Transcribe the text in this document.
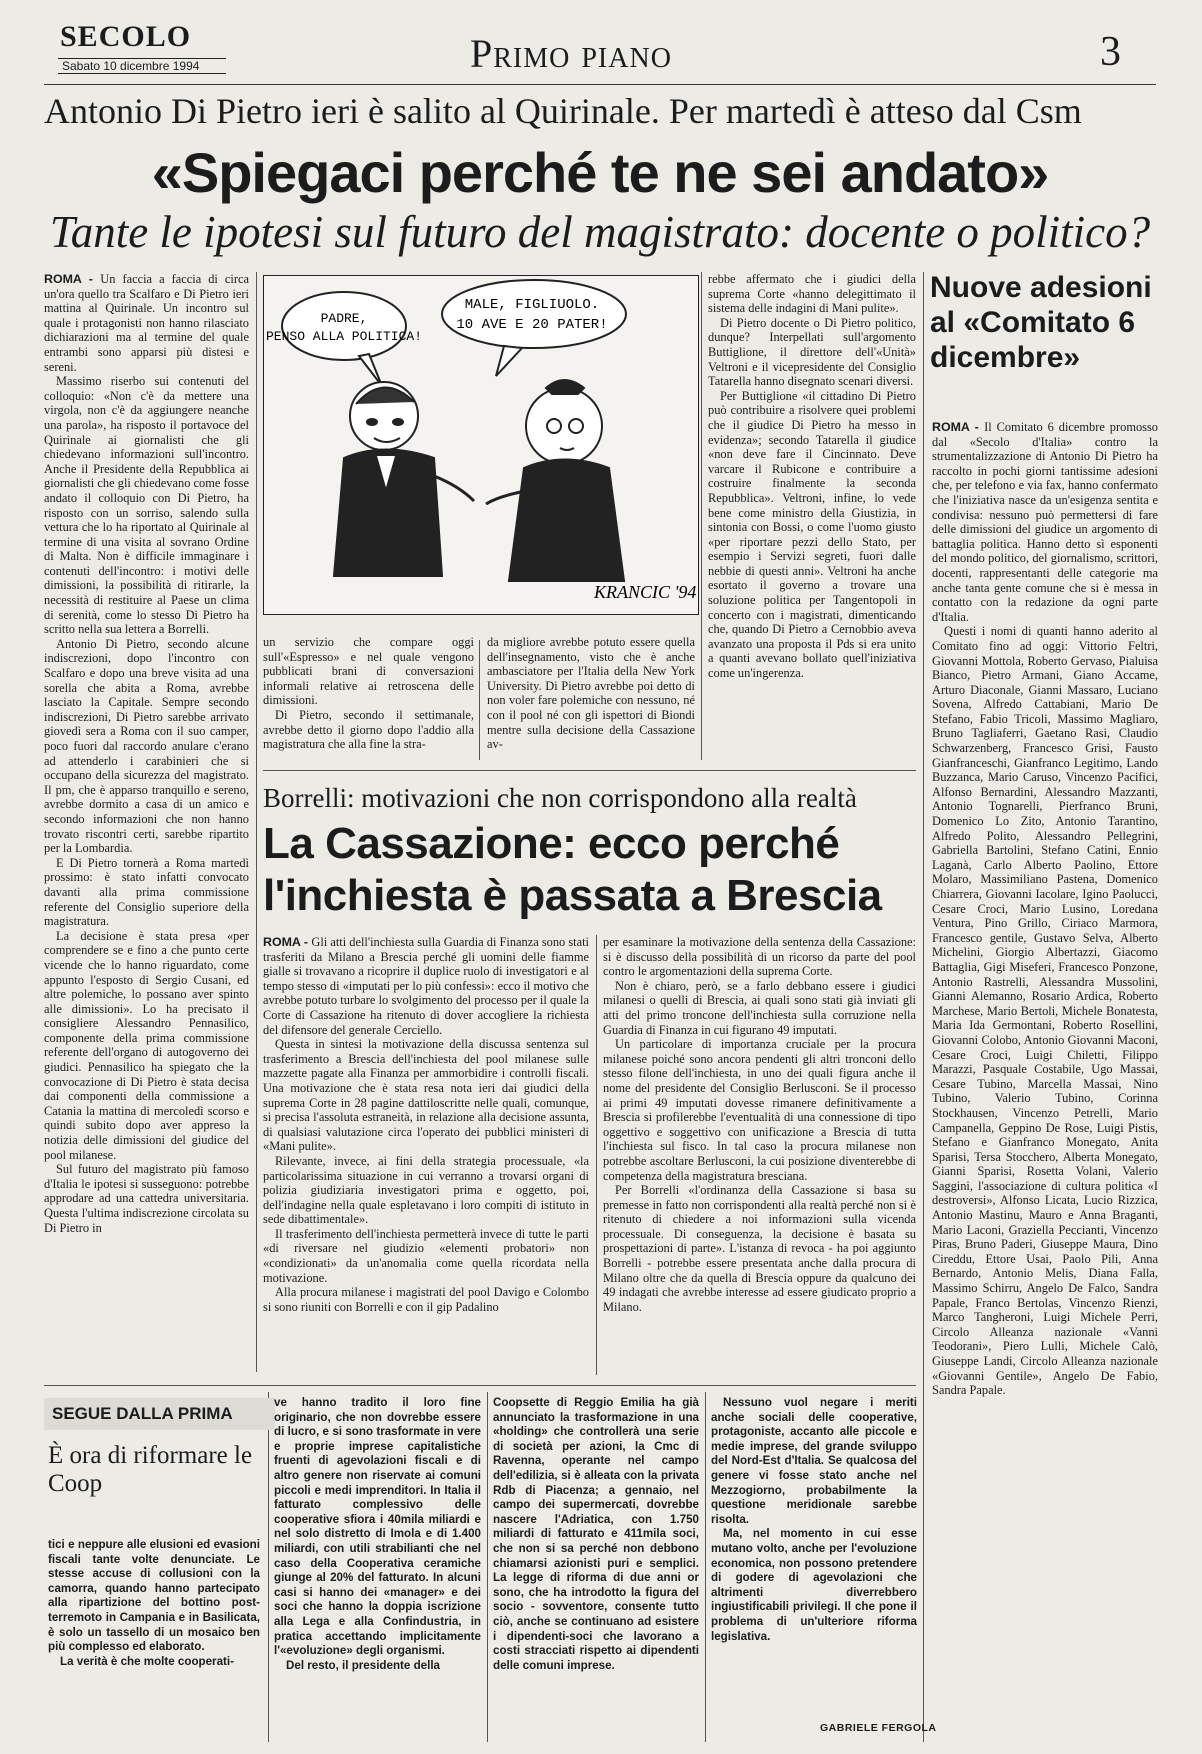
SECOLO
Sabato 10 dicembre 1994	Primo piano	3
Antonio Di Pietro ieri è salito al Quirinale. Per martedì è atteso dal Csm
«Spiegaci perché te ne sei andato»
Tante le ipotesi sul futuro del magistrato: docente o politico?

ROMA - Un faccia a faccia di circa un'ora quello tra Scalfaro e Di Pietro ieri mattina al Quirinale. Un incontro sul quale i protagonisti non hanno rilasciato dichiarazioni ma al termine del quale entrambi sono apparsi più distesi e sereni.

Massimo riserbo sui contenuti del colloquio: «Non c'è da mettere una virgola, non c'è da aggiungere neanche una parola», ha risposto il portavoce del Quirinale ai giornalisti che gli chiedevano informazioni sull'incontro. Anche il Presidente della Repubblica ai giornalisti che gli chiedevano come fosse andato il colloquio con Di Pietro, ha risposto con un sorriso, salendo sulla vettura che lo ha riportato al Quirinale al termine di una visita al sovrano Ordine di Malta. Non è difficile immaginare i contenuti dell'incontro: i motivi delle dimissioni, la possibilità di ritirarle, la necessità di restituire al Paese un clima di serenità, come lo stesso Di Pietro ha scritto nella sua lettera a Borrelli.

Antonio Di Pietro, secondo alcune indiscrezioni, dopo l'incontro con Scalfaro e dopo una breve visita ad una sorella che abita a Roma, avrebbe lasciato la Capitale. Sempre secondo indiscrezioni, Di Pietro sarebbe arrivato giovedì sera a Roma con il suo camper, poco fuori dal raccordo anulare c'erano ad attenderlo i carabinieri che si occupano della sicurezza del magistrato. Il pm, che è apparso tranquillo e sereno, avrebbe dormito a casa di un amico e secondo informazioni che non hanno trovato riscontri certi, sarebbe ripartito per la Lombardia.

E Di Pietro tornerà a Roma martedì prossimo: è stato infatti convocato davanti alla prima commissione referente del Consiglio superiore della magistratura.

La decisione è stata presa «per comprendere se e fino a che punto certe vicende che lo hanno riguardato, come appunto l'esposto di Sergio Cusani, ed altre polemiche, lo possano aver spinto alle dimissioni». Lo ha precisato il consigliere Alessandro Pennasilico, componente della prima commissione referente dell'organo di autogoverno dei giudici. Pennasilico ha spiegato che la convocazione di Di Pietro è stata decisa dai componenti della commissione a Catania la mattina di mercoledì scorso e quindi subito dopo aver appreso la notizia delle dimissioni del giudice del pool milanese.

Sul futuro del magistrato più famoso d'Italia le ipotesi si susseguono: potrebbe approdare ad una cattedra universitaria. Questa l'ultima indiscrezione circolata su Di Pietro in

PADRE,
PENSO ALLA POLITICA!
MALE, FIGLIUOLO.
10 AVE E 20 PATER!
KRANCIC '94

un servizio che compare oggi sull'«Espresso» e nel quale vengono pubblicati brani di conversazioni informali relative ai retroscena delle dimissioni.

Di Pietro, secondo il settimanale, avrebbe detto il giorno dopo l'addio alla magistratura che alla fine la stra-

da migliore avrebbe potuto essere quella dell'insegnamento, visto che è anche ambasciatore per l'Italia della New York University. Di Pietro avrebbe poi detto di non voler fare polemiche con nessuno, né con il pool né con gli ispettori di Biondi mentre sulla decisione della Cassazione av-

rebbe affermato che i giudici della suprema Corte «hanno delegittimato il sistema delle indagini di Mani pulite».

Di Pietro docente o Di Pietro politico, dunque? Interpellati sull'argomento Buttiglione, il direttore dell'«Unità» Veltroni e il vicepresidente del Consiglio Tatarella hanno disegnato scenari diversi.

Per Buttiglione «il cittadino Di Pietro può contribuire a risolvere quei problemi che il giudice Di Pietro ha messo in evidenza»; secondo Tatarella il giudice «non deve fare il Cincinnato. Deve varcare il Rubicone e contribuire a costruire finalmente la seconda Repubblica». Veltroni, infine, lo vede bene come ministro della Giustizia, in sintonia con Bossi, o come l'uomo giusto «per riportare pezzi dello Stato, per esempio i Servizi segreti, fuori dalle nebbie di questi anni». Veltroni ha anche esortato il governo a trovare una soluzione politica per Tangentopoli in concerto con i magistrati, dimenticando che, quando Di Pietro a Cernobbio aveva avanzato una proposta il Pds si era unito a quanti avevano bollato quell'iniziativa come un'ingerenza.

Nuove adesioni al «Comitato 6 dicembre»

ROMA - Il Comitato 6 dicembre promosso dal «Secolo d'Italia» contro la strumentalizzazione di Antonio Di Pietro ha raccolto in pochi giorni tantissime adesioni che, per telefono e via fax, hanno confermato che l'iniziativa nasce da un'esigenza sentita e condivisa: nessuno può permettersi di fare delle dimissioni del giudice un argomento di battaglia politica. Hanno detto sì esponenti del mondo politico, del giornalismo, scrittori, docenti, rappresentanti delle categorie ma anche tanta gente comune che si è messa in contatto con la redazione da ogni parte d'Italia.

Questi i nomi di quanti hanno aderito al Comitato fino ad oggi: Vittorio Feltri, Giovanni Mottola, Roberto Gervaso, Pialuisa Bianco, Pietro Armani, Giano Accame, Arturo Diaconale, Gianni Massaro, Luciano Sovena, Alfredo Cattabiani, Mario De Stefano, Fabio Tricoli, Massimo Magliaro, Bruno Tagliaferri, Gaetano Rasi, Claudio Schwarzenberg, Francesco Grisi, Fausto Gianfranceschi, Gianfranco Legitimo, Lando Buzzanca, Mario Caruso, Vincenzo Pacifici, Alfonso Bernardini, Alessandro Mazzanti, Antonio Tognarelli, Pierfranco Bruni, Domenico Lo Zito, Antonio Tarantino, Alfredo Polito, Alessandro Pellegrini, Gabriella Bartolini, Stefano Catini, Ennio Laganà, Carlo Alberto Paolino, Ettore Molaro, Massimiliano Pastena, Domenico Chiarrera, Giovanni Iacolare, Igino Paolucci, Cesare Croci, Mario Lusino, Loredana Ventura, Pino Grillo, Ciriaco Marmora, Francesco gentile, Gustavo Selva, Alberto Michelini, Giorgio Albertazzi, Giacomo Battaglia, Gigi Miseferi, Francesco Ponzone, Antonio Rastrelli, Alessandra Mussolini, Gianni Alemanno, Rosario Ardica, Roberto Marchese, Mario Bertoli, Michele Bonatesta, Maria Ida Germontani, Roberto Rosellini, Giovanni Colobo, Antonio Giovanni Maconi, Cesare Croci, Luigi Chiletti, Filippo Marazzi, Pasquale Costabile, Ugo Massai, Cesare Tubino, Marcella Massai, Nino Tubino, Valerio Tubino, Corinna Stockhausen, Vincenzo Petrelli, Mario Campanella, Geppino De Rose, Luigi Pistis, Stefano e Gianfranco Monegato, Anita Sparisi, Tersa Stocchero, Alberta Monegato, Gianni Sparisi, Rosetta Volani, Valerio Saggini, l'associazione di cultura politica «I destroversi», Alfonso Licata, Lucio Rizzica, Antonio Mastinu, Mauro e Anna Braganti, Mario Laconi, Graziella Peccianti, Vincenzo Piras, Bruno Paderi, Giuseppe Maura, Dino Cireddu, Ettore Usai, Paolo Pili, Anna Bernardo, Antonio Melis, Diana Falla, Massimo Schirru, Angelo De Falco, Sandra Papale, Franco Bertolas, Vincenzo Rienzi, Marco Tangheroni, Luigi Michele Perri, Circolo Alleanza nazionale «Vanni Teodorani», Piero Lulli, Michele Calò, Giuseppe Landi, Circolo Alleanza nazionale «Giovanni Gentile», Angelo De Fabio, Sandra Papale.

Borrelli: motivazioni che non corrispondono alla realtà
La Cassazione: ecco perché
l'inchiesta è passata a Brescia

ROMA - Gli atti dell'inchiesta sulla Guardia di Finanza sono stati trasferiti da Milano a Brescia perché gli uomini delle fiamme gialle si trovavano a ricoprire il duplice ruolo di investigatori e al tempo stesso di «imputati per lo più confessi»: ecco il motivo che avrebbe potuto turbare lo svolgimento del processo per il quale la Corte di Cassazione ha ritenuto di dover accogliere la richiesta del difensore del generale Cerciello.

Questa in sintesi la motivazione della discussa sentenza sul trasferimento a Brescia dell'inchiesta del pool milanese sulle mazzette pagate alla Finanza per ammorbidire i controlli fiscali. Una motivazione che è stata resa nota ieri dai giudici della suprema Corte in 28 pagine dattiloscritte nelle quali, comunque, si precisa l'assoluta estraneità, in relazione alla decisione assunta, di qualsiasi valutazione circa l'operato dei pubblici ministeri di «Mani pulite».

Rilevante, invece, ai fini della strategia processuale, «la particolarissima situazione in cui verranno a trovarsi organi di polizia giudiziaria investigatori prima e oggetto, poi, dell'indagine nella quale espletavano i loro compiti di istituto in sede dibattimentale».

Il trasferimento dell'inchiesta permetterà invece di tutte le parti «di riversare nel giudizio «elementi probatori» non «condizionati» da un'anomalia come quella ricordata nella motivazione.

Alla procura milanese i magistrati del pool Davigo e Colombo si sono riuniti con Borrelli e con il gip Padalino

per esaminare la motivazione della sentenza della Cassazione: si è discusso della possibilità di un ricorso da parte del pool contro le argomentazioni della suprema Corte.

Non è chiaro, però, se a farlo debbano essere i giudici milanesi o quelli di Brescia, ai quali sono stati già inviati gli atti del primo troncone dell'inchiesta sulla corruzione nella Guardia di Finanza in cui figurano 49 imputati.

Un particolare di importanza cruciale per la procura milanese poiché sono ancora pendenti gli altri tronconi dello stesso filone dell'inchiesta, in uno dei quali figura anche il nome del presidente del Consiglio Berlusconi. Se il processo ai primi 49 imputati dovesse rimanere definitivamente a Brescia si profilerebbe l'eventualità di una connessione di tipo oggettivo e soggettivo con unificazione a Brescia di tutta l'inchiesta sul fisco. In tal caso la procura milanese non potrebbe ascoltare Berlusconi, la cui posizione diventerebbe di competenza della magistratura bresciana.

Per Borrelli «l'ordinanza della Cassazione si basa su premesse in fatto non corrispondenti alla realtà perché non si è ritenuto di chiedere a noi informazioni sulla vicenda processuale. Di conseguenza, la decisione è basata su prospettazioni di parte». L'istanza di revoca - ha poi aggiunto Borrelli - potrebbe essere presentata anche dalla procura di Milano oltre che da quella di Brescia oppure da qualcuno dei 49 indagati che avrebbe interesse ad essere giudicato proprio a Milano.

SEGUE DALLA PRIMA
È ora di riformare le Coop

tici e neppure alle elusioni ed evasioni fiscali tante volte denunciate. Le stesse accuse di collusioni con la camorra, quando hanno partecipato alla ripartizione del bottino post-terremoto in Campania e in Basilicata, è solo un tassello di un mosaico ben più complesso ed elaborato.

La verità è che molte cooperati-

ve hanno tradito il loro fine originario, che non dovrebbe essere di lucro, e si sono trasformate in vere e proprie imprese capitalistiche fruenti di agevolazioni fiscali e di altro genere non riservate ai comuni piccoli e medi imprenditori. In Italia il fatturato complessivo delle cooperative sfiora i 40mila miliardi e nel solo distretto di Imola e di 1.400 miliardi, con utili strabilianti che nel caso della Cooperativa ceramiche giunge al 20% del fatturato. In alcuni casi si hanno dei «manager» e dei soci che hanno la doppia iscrizione alla Lega e alla Confindustria, in pratica accettando implicitamente l'«evoluzione» degli organismi.

Del resto, il presidente della

Coopsette di Reggio Emilia ha già annunciato la trasformazione in una «holding» che controllerà una serie di società per azioni, la Cmc di Ravenna, operante nel campo dell'edilizia, si è alleata con la privata Rdb di Piacenza; a gennaio, nel campo dei supermercati, dovrebbe nascere l'Adriatica, con 1.750 miliardi di fatturato e 411mila soci, che non si sa perché non debbono chiamarsi azionisti puri e semplici. La legge di riforma di due anni or sono, che ha introdotto la figura del socio - sovventore, consente tutto ciò, anche se continuano ad esistere i dipendenti-soci che lavorano a costi stracciati rispetto ai dipendenti delle comuni imprese.

Nessuno vuol negare i meriti anche sociali delle cooperative, protagoniste, accanto alle piccole e medie imprese, del grande sviluppo del Nord-Est d'Italia. Se qualcosa del genere vi fosse stato anche nel Mezzogiorno, probabilmente la questione meridionale sarebbe risolta.

Ma, nel momento in cui esse mutano volto, anche per l'evoluzione economica, non possono pretendere di godere di agevolazioni che altrimenti diverrebbero ingiustificabili privilegi. Il che pone il problema di un'ulteriore riforma legislativa.

GABRIELE FERGOLA
